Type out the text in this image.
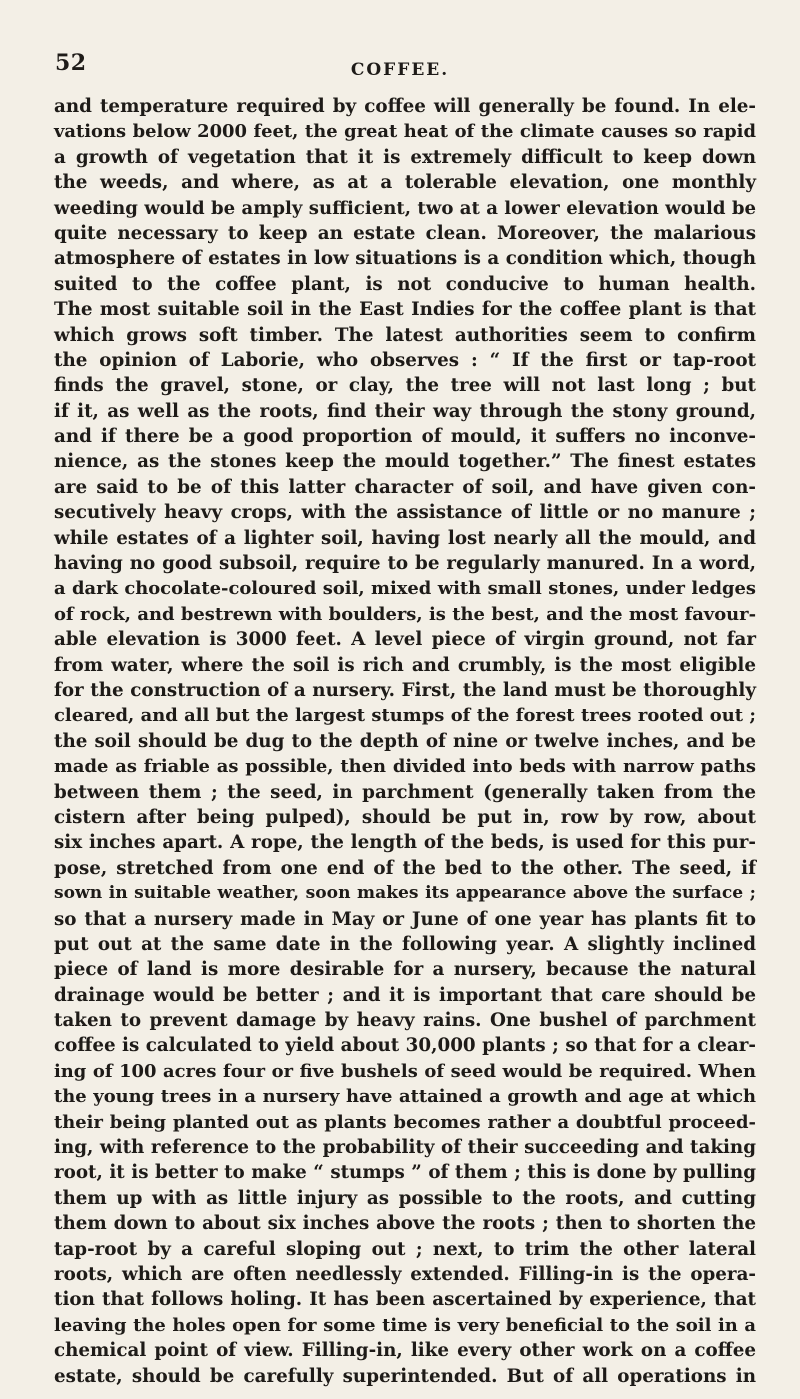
52	COFFEE.
and temperature required by coffee will generally be found. In ele-
vations below 2000 feet, the great heat of the climate causes so rapid
a growth of vegetation that it is extremely difficult to keep down
the weeds, and where, as at a tolerable elevation, one monthly
weeding would be amply sufficient, two at a lower elevation would be
quite necessary to keep an estate clean. Moreover, the malarious
atmosphere of estates in low situations is a condition which, though
suited to the coffee plant, is not conducive to human health.
The most suitable soil in the East Indies for the coffee plant is that
which grows soft timber. The latest authorities seem to confirm
the opinion of Laborie, who observes : “ If the first or tap-root
finds the gravel, stone, or clay, the tree will not last long ; but
if it, as well as the roots, find their way through the stony ground,
and if there be a good proportion of mould, it suffers no inconve-
nience, as the stones keep the mould together.” The finest estates
are said to be of this latter character of soil, and have given con-
secutively heavy crops, with the assistance of little or no manure ;
while estates of a lighter soil, having lost nearly all the mould, and
having no good subsoil, require to be regularly manured. In a word,
a dark chocolate-coloured soil, mixed with small stones, under ledges
of rock, and bestrewn with boulders, is the best, and the most favour-
able elevation is 3000 feet. A level piece of virgin ground, not far
from water, where the soil is rich and crumbly, is the most eligible
for the construction of a nursery. First, the land must be thoroughly
cleared, and all but the largest stumps of the forest trees rooted out ;
the soil should be dug to the depth of nine or twelve inches, and be
made as friable as possible, then divided into beds with narrow paths
between them ; the seed, in parchment (generally taken from the
cistern after being pulped), should be put in, row by row, about
six inches apart. A rope, the length of the beds, is used for this pur-
pose, stretched from one end of the bed to the other. The seed, if
sown in suitable weather, soon makes its appearance above the surface ;
so that a nursery made in May or June of one year has plants fit to
put out at the same date in the following year. A slightly inclined
piece of land is more desirable for a nursery, because the natural
drainage would be better ; and it is important that care should be
taken to prevent damage by heavy rains. One bushel of parchment
coffee is calculated to yield about 30,000 plants ; so that for a clear-
ing of 100 acres four or five bushels of seed would be required. When
the young trees in a nursery have attained a growth and age at which
their being planted out as plants becomes rather a doubtful proceed-
ing, with reference to the probability of their succeeding and taking
root, it is better to make “ stumps ” of them ; this is done by pulling
them up with as little injury as possible to the roots, and cutting
them down to about six inches above the roots ; then to shorten the
tap-root by a careful sloping out ; next, to trim the other lateral
roots, which are often needlessly extended. Filling-in is the opera-
tion that follows holing. It has been ascertained by experience, that
leaving the holes open for some time is very beneficial to the soil in a
chemical point of view. Filling-in, like every other work on a coffee
estate, should be carefully superintended. But of all operations in
